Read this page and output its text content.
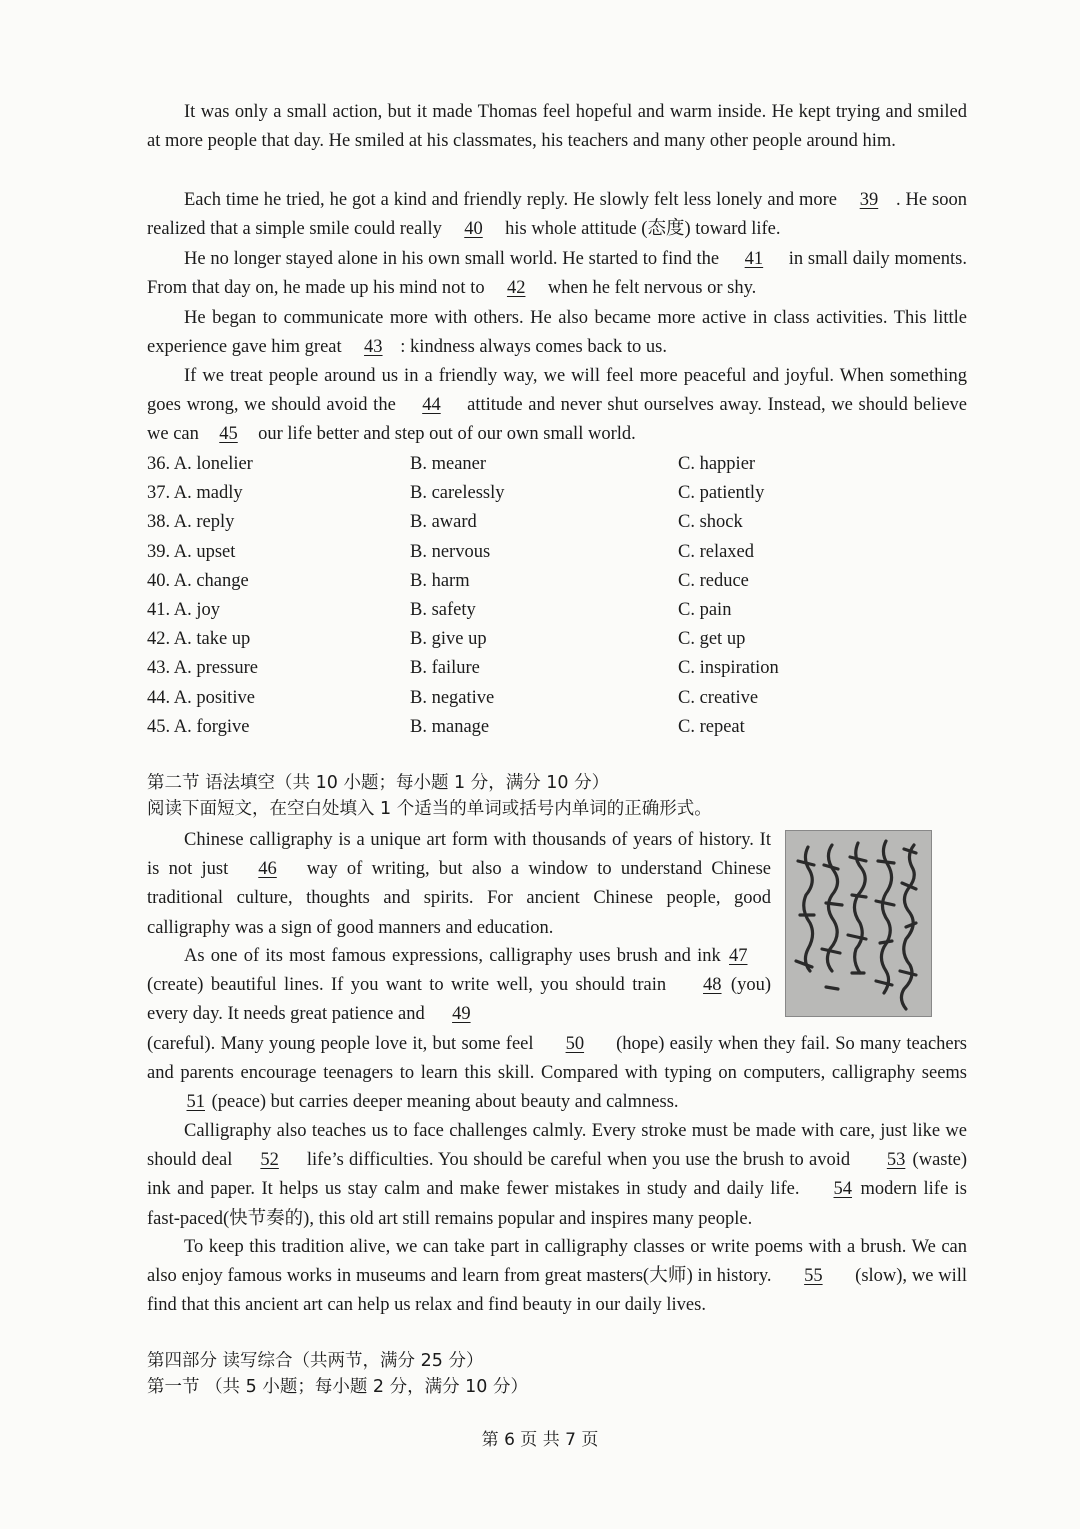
It was only a small action, but it made Thomas feel hopeful and warm inside. He kept trying and smiled at more people that day. He smiled at his classmates, his teachers and many other people around him.

Each time he tried, he got a kind and friendly reply. He slowly felt less lonely and more 39 . He soon realized that a simple smile could really 40 his whole attitude (态度) toward life.

He no longer stayed alone in his own small world. He started to find the 41 in small daily moments. From that day on, he made up his mind not to 42 when he felt nervous or shy.

He began to communicate more with others. He also became more active in class activities. This little experience gave him great 43 : kindness always comes back to us.

If we treat people around us in a friendly way, we will feel more peaceful and joyful. When something goes wrong, we should avoid the 44 attitude and never shut ourselves away. Instead, we should believe we can 45 our life better and step out of our own small world.

36. A. lonelier	B. meaner	C. happier
37. A. madly	B. carelessly	C. patiently
38. A. reply	B. award	C. shock
39. A. upset	B. nervous	C. relaxed
40. A. change	B. harm	C. reduce
41. A. joy	B. safety	C. pain
42. A. take up	B. give up	C. get up
43. A. pressure	B. failure	C. inspiration
44. A. positive	B. negative	C. creative
45. A. forgive	B. manage	C. repeat
第二节 语法填空（共 10 小题；每小题 1 分，满分 10 分）
阅读下面短文，在空白处填入 1 个适当的单词或括号内单词的正确形式。

Chinese calligraphy is a unique art form with thousands of years of history. It is not just 46 way of writing, but also a window to understand Chinese traditional culture, thoughts and spirits. For ancient Chinese people, good calligraphy was a sign of good manners and education.

As one of its most famous expressions, calligraphy uses brush and ink 47 (create) beautiful lines. If you want to write well, you should train 48 (you) every day. It needs great patience and 49
(careful). Many young people love it, but some feel 50 (hope) easily when they fail. So many teachers and parents encourage teenagers to learn this skill. Compared with typing on computers, calligraphy seems 51 (peace) but carries deeper meaning about beauty and calmness.

Calligraphy also teaches us to face challenges calmly. Every stroke must be made with care, just like we should deal 52 life’s difficulties. You should be careful when you use the brush to avoid 53 (waste) ink and paper. It helps us stay calm and make fewer mistakes in study and daily life. 54 modern life is fast-paced(快节奏的), this old art still remains popular and inspires many people.

To keep this tradition alive, we can take part in calligraphy classes or write poems with a brush. We can also enjoy famous works in museums and learn from great masters(大师) in history. 55 (slow), we will find that this ancient art can help us relax and find beauty in our daily lives.

第四部分 读写综合（共两节，满分 25 分）
第一节 （共 5 小题；每小题 2 分，满分 10 分）
第 6 页 共 7 页
